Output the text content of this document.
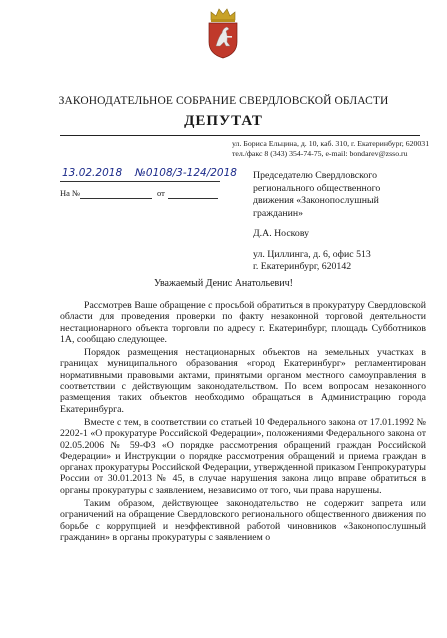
ЗАКОНОДАТЕЛЬНОЕ СОБРАНИЕ СВЕРДЛОВСКОЙ ОБЛАСТИ
ДЕПУТАТ
ул. Бориса Ельцина, д. 10, каб. 310, г. Екатеринбург, 620031
тел./факс 8 (343) 354-74-75, e-mail: bondarev@zsso.ru
13.02.2018 №0108/3-124/2018
На №	от
Председателю Свердловского
регионального общественного
движения «Законопослушный
гражданин»
Д.А. Носкову
ул. Циллинга, д. 6, офис 513
г. Екатеринбург, 620142
Уважаемый Денис Анатольевич!

Рассмотрев Ваше обращение с просьбой обратиться в прокуратуру Свердловской области для проведения проверки по факту незаконной торговой деятельности нестационарного объекта торговли по адресу г. Екатеринбург, площадь Субботников 1А, сообщаю следующее.

Порядок размещения нестационарных объектов на земельных участках в границах муниципального образования «город Екатеринбург» регламентирован нормативными правовыми актами, принятыми органом местного самоуправления в соответствии с действующим законодательством. По всем вопросам незаконного размещения таких объектов необходимо обращаться в Администрацию города Екатеринбурга.

Вместе с тем, в соответствии со статьей 10 Федерального закона от 17.01.1992 № 2202-1 «О прокуратуре Российской Федерации», положениями Федерального закона от 02.05.2006 № 59-ФЗ «О порядке рассмотрения обращений граждан Российской Федерации» и Инструкции о порядке рассмотрения обращений и приема граждан в органах прокуратуры Российской Федерации, утвержденной приказом Генпрокуратуры России от 30.01.2013 № 45, в случае нарушения закона лицо вправе обратиться в органы прокуратуры с заявлением, независимо от того, чьи права нарушены.

Таким образом, действующее законодательство не содержит запрета или ограничений на обращение Свердловского регионального общественного движения по борьбе с коррупцией и неэффективной работой чиновников «Законопослушный гражданин» в органы прокуратуры с заявлением о
